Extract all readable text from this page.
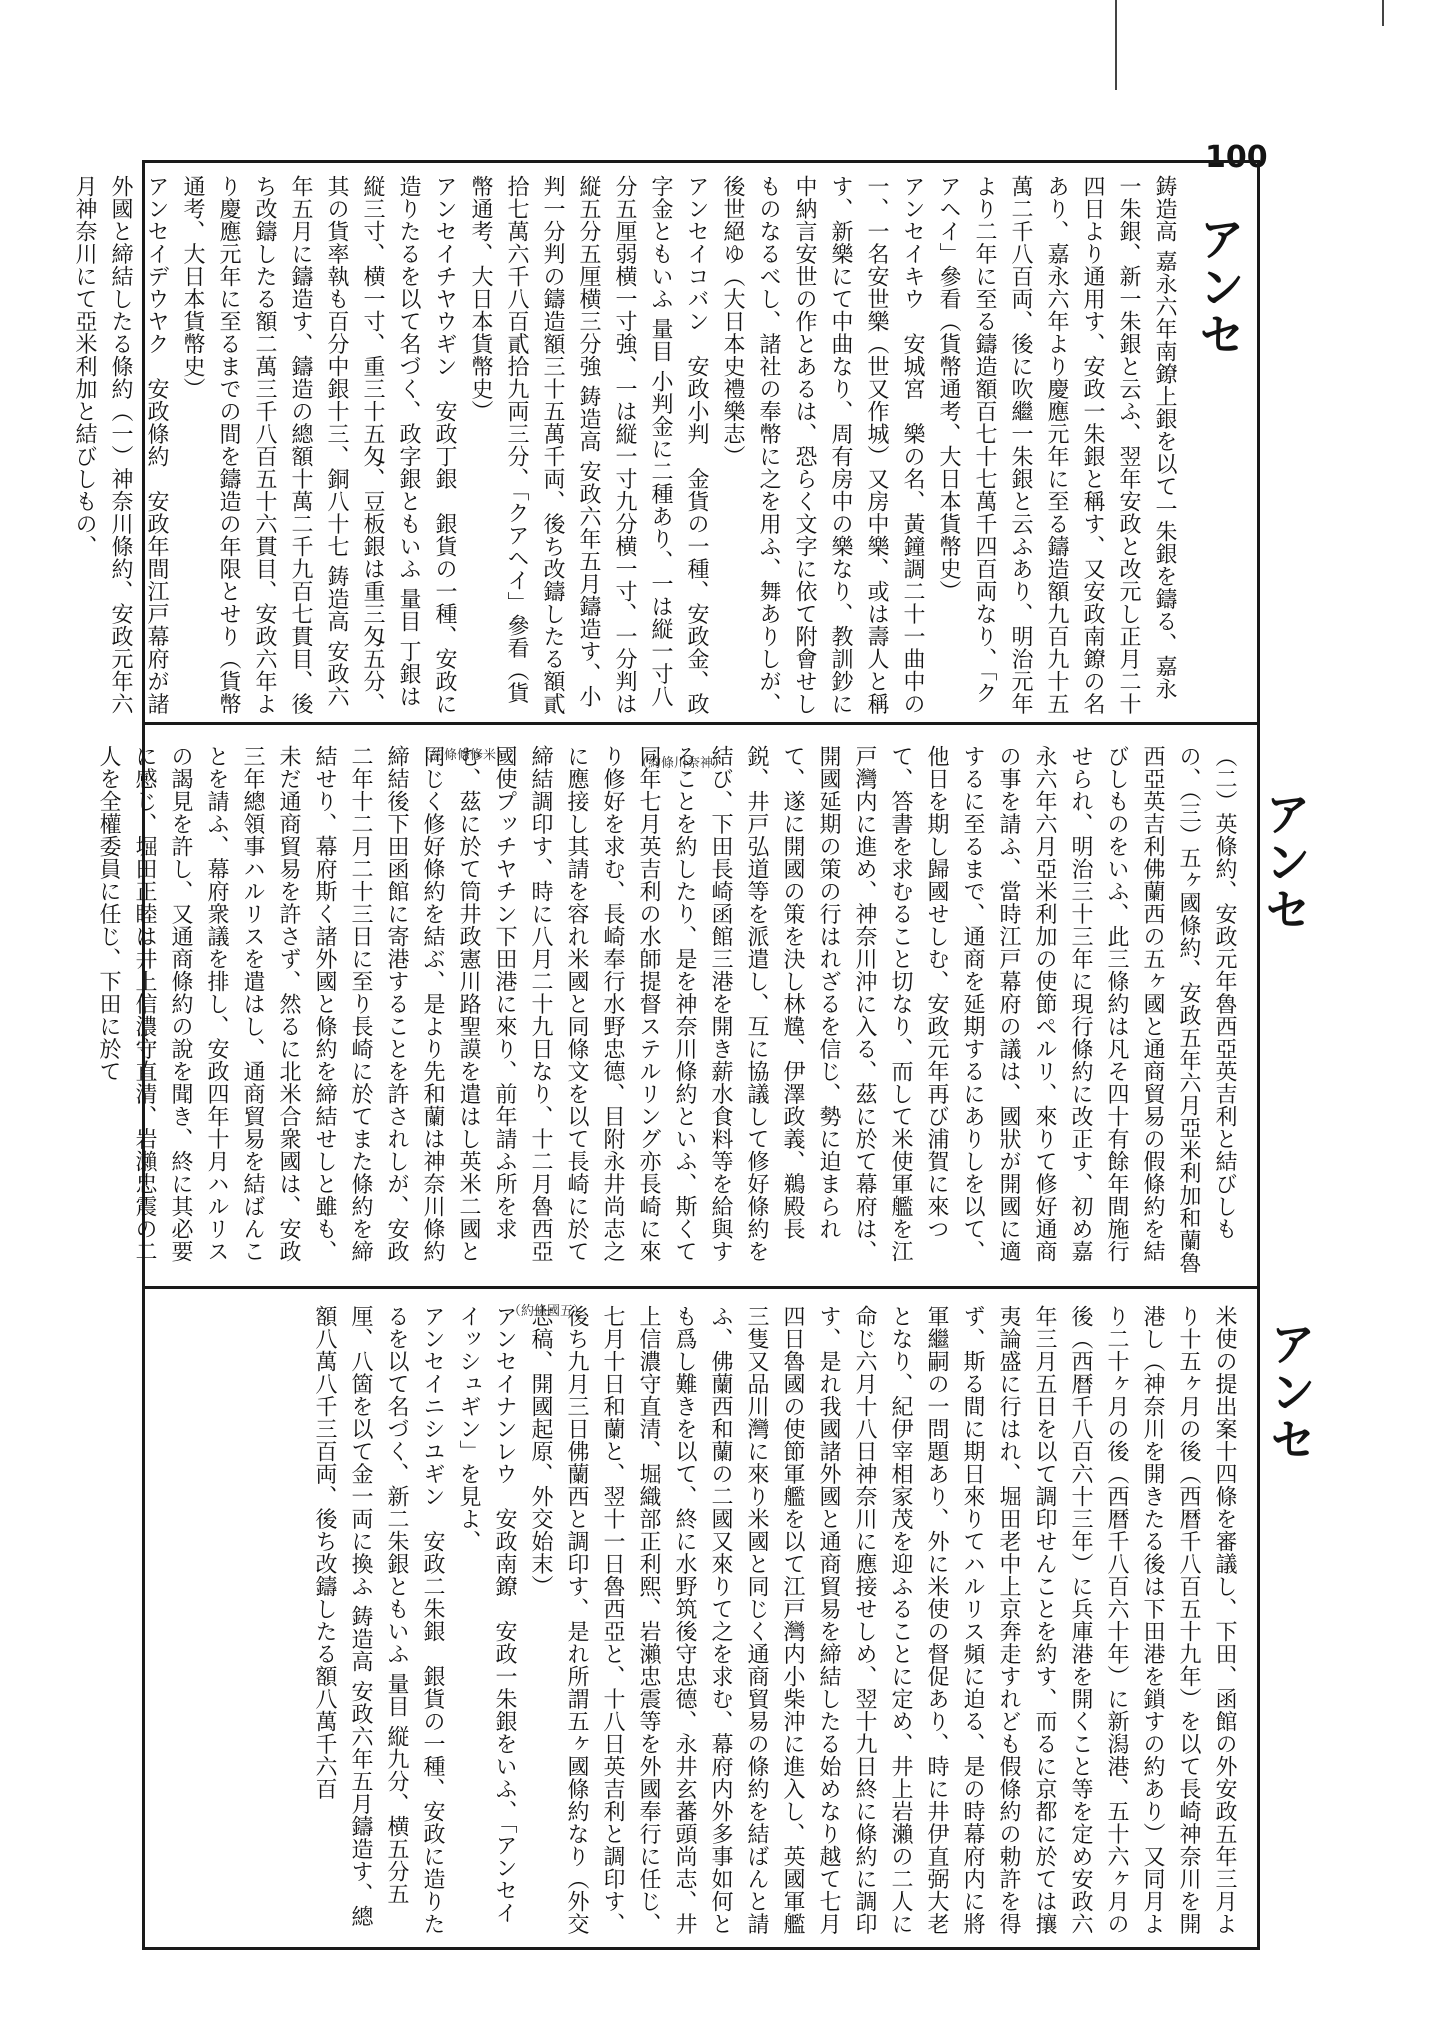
100
アンセ
アンセ
アンセ
鋳造高 嘉永六年南鐐上銀を以て一朱銀を鑄る、嘉永一朱銀、新一朱銀と云ふ、翌年安政と改元し正月二十四日より通用す、安政一朱銀と稱す、又安政南鐐の名あり、嘉永六年より慶應元年に至る鑄造額九百九十五萬二千八百両、後に吹繼一朱銀と云ふあり、明治元年より二年に至る鑄造額百七十七萬千四百両なり、「クアヘイ」參看（貨幣通考、大日本貨幣史）
アンセイキウ　安城宮　樂の名、黃鐘調二十一曲中の一、一名安世樂（世又作城）又房中樂、或は壽人と稱す、新樂にて中曲なり、周有房中の樂なり、教訓鈔に中納言安世の作とあるは、恐らく文字に依て附會せしものなるべし、諸社の奉幣に之を用ふ、舞ありしが、後世絕ゆ（大日本史禮樂志）
アンセイコバン　安政小判　金貨の一種、安政金、政字金ともいふ 量目 小判金に二種あり、一は縦一寸八分五厘弱横一寸強、一は縦一寸九分横一寸、一分判は縦五分五厘横三分強 鋳造高 安政六年五月鑄造す、小判一分判の鑄造額三十五萬千両、後ち改鑄したる額貳拾七萬六千八百貳拾九両三分、「クアヘイ」參看（貨幣通考、大日本貨幣史）
アンセイチヤウギン　安政丁銀　銀貨の一種、安政に造りたるを以て名づく、政字銀ともいふ 量目 丁銀は縦三寸、横一寸、重三十五匁、豆板銀は重三匁五分、其の貨率執も百分中銀十三、銅八十七 鋳造高 安政六年五月に鑄造す、鑄造の總額十萬二千九百七貫目、後ち改鑄したる額二萬三千八百五十六貫目、安政六年より慶應元年に至るまでの間を鑄造の年限とせり（貨幣通考、大日本貨幣史）
アンセイデウヤク　安政條約　安政年間江戸幕府が諸外國と締結したる條約（一）神奈川條約、安政元年六月神奈川にて亞米利加と結びしもの、
（約條條修米）
（約條川奈神）	（二）英條約、安政元年魯西亞英吉利と結びしもの、（三）五ヶ國條約、安政五年六月亞米利加和蘭魯西亞英吉利佛蘭西の五ヶ國と通商貿易の假條約を結びしものをいふ、此三條約は凡そ四十有餘年間施行せられ、明治三十三年に現行條約に改正す、初め嘉永六年六月亞米利加の使節ペルリ、來りて修好通商の事を請ふ、當時江戸幕府の議は、國狀が開國に適するに至るまで、通商を延期するにありしを以て、他日を期し歸國せしむ、安政元年再び浦賀に來つて、答書を求むること切なり、而して米使軍艦を江戸灣内に進め、神奈川沖に入る、茲に於て幕府は、開國延期の策の行はれざるを信じ、勢に迫まられて、遂に開國の策を決し林韑、伊澤政義、鵜殿長鋭、井戸弘道等を派遣し、互に協議して修好條約を結び、下田長崎函館三港を開き薪水食料等を給與することを約したり、是を神奈川條約といふ、斯くて同年七月英吉利の水師提督ステルリング亦長崎に來り修好を求む、長崎奉行水野忠德、目附永井尚志之に應接し其請を容れ米國と同條文を以て長崎に於て締結調印す、時に八月二十九日なり、十二月魯西亞國使プッチヤチン下田港に來り、前年請ふ所を求む、茲に於て筒井政憲川路聖謨を遣はし英米二國と同じく修好條約を結ぶ、是より先和蘭は神奈川條約締結後下田函館に寄港することを許されしが、安政二年十二月二十三日に至り長崎に於てまた條約を締結せり、幕府斯く諸外國と條約を締結せしと雖も、未だ通商貿易を許さず、然るに北米合衆國は、安政三年總領事ハルリスを遣はし、通商貿易を結ばんことを請ふ、幕府衆議を排し、安政四年十月ハルリスの謁見を許し、又通商條約の說を聞き、終に其必要に感じ、堀田正睦は井上信濃守直清、岩瀨忠震の二人を全權委員に任じ、下田に於て
（約條國五）	米使の提出案十四條を審議し、下田、函館の外安政五年三月より十五ヶ月の後（西暦千八百五十九年）を以て長崎神奈川を開港し（神奈川を開きたる後は下田港を鎖すの約あり）又同月より二十ヶ月の後（西暦千八百六十年）に新潟港、五十六ヶ月の後（西暦千八百六十三年）に兵庫港を開くこと等を定め安政六年三月五日を以て調印せんことを約す、而るに京都に於ては攘夷論盛に行はれ、堀田老中上京奔走すれども假條約の勅許を得ず、斯る間に期日來りてハルリス頻に迫る、是の時幕府内に將軍繼嗣の一問題あり、外に米使の督促あり、時に井伊直弼大老となり、紀伊宰相家茂を迎ふることに定め、井上岩瀨の二人に命じ六月十八日神奈川に應接せしめ、翌十九日終に條約に調印す、是れ我國諸外國と通商貿易を締結したる始めなり越て七月四日魯國の使節軍艦を以て江戸灣内小柴沖に進入し、英國軍艦三隻又品川灣に來り米國と同じく通商貿易の條約を結ばんと請ふ、佛蘭西和蘭の二國又來りて之を求む、幕府内外多事如何とも爲し難きを以て、終に水野筑後守忠德、永井玄蕃頭尚志、井上信濃守直清、堀織部正利熙、岩瀨忠震等を外國奉行に任じ、七月十日和蘭と、翌十一日魯西亞と、十八日英吉利と調印す、後ち九月三日佛蘭西と調印す、是れ所謂五ヶ國條約なり（外交志稿、開國起原、外交始末）
アンセイナンレウ　安政南鐐　安政一朱銀をいふ、「アンセイイッシュギン」を見よ、
アンセイニシユギン　安政二朱銀　銀貨の一種、安政に造りたるを以て名づく、新二朱銀ともいふ 量目 縦九分、横五分五厘、八箇を以て金一両に換ふ 鋳造高 安政六年五月鑄造す、總額八萬八千三百両、後ち改鑄したる額八萬千六百
